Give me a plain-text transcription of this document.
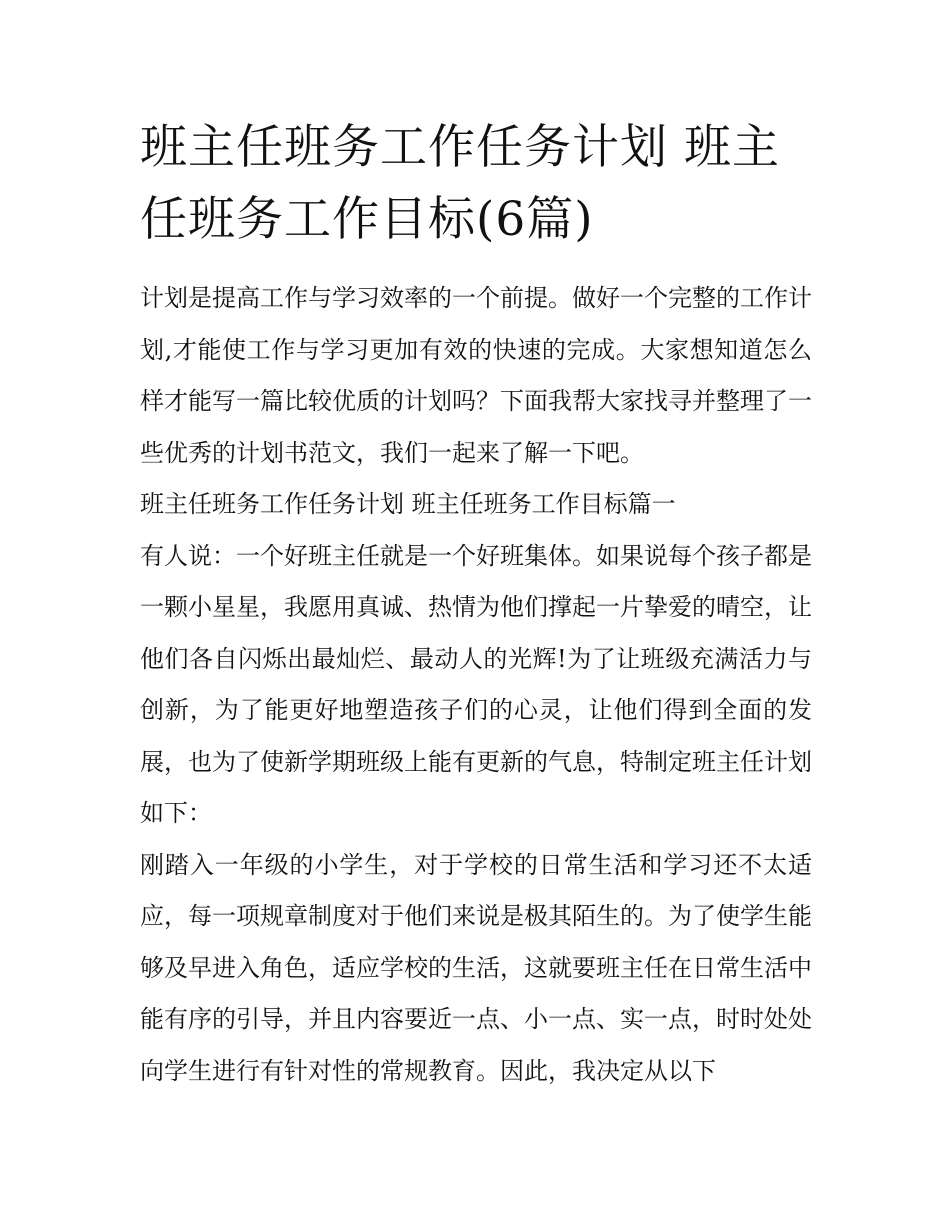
班主任班务工作任务计划 班主任班务工作目标(6篇)

计划是提高工作与学习效率的一个前提。做好一个完整的工作计划,才能使工作与学习更加有效的快速的完成。大家想知道怎么样才能写一篇比较优质的计划吗？下面我帮大家找寻并整理了一些优秀的计划书范文，我们一起来了解一下吧。

班主任班务工作任务计划 班主任班务工作目标篇一

有人说：一个好班主任就是一个好班集体。如果说每个孩子都是一颗小星星，我愿用真诚、热情为他们撑起一片挚爱的晴空，让他们各自闪烁出最灿烂、最动人的光辉!为了让班级充满活力与创新，为了能更好地塑造孩子们的心灵，让他们得到全面的发展，也为了使新学期班级上能有更新的气息，特制定班主任计划如下：

刚踏入一年级的小学生，对于学校的日常生活和学习还不太适应，每一项规章制度对于他们来说是极其陌生的。为了使学生能够及早进入角色，适应学校的生活，这就要班主任在日常生活中能有序的引导，并且内容要近一点、小一点、实一点，时时处处向学生进行有针对性的常规教育。因此，我决定从以下
